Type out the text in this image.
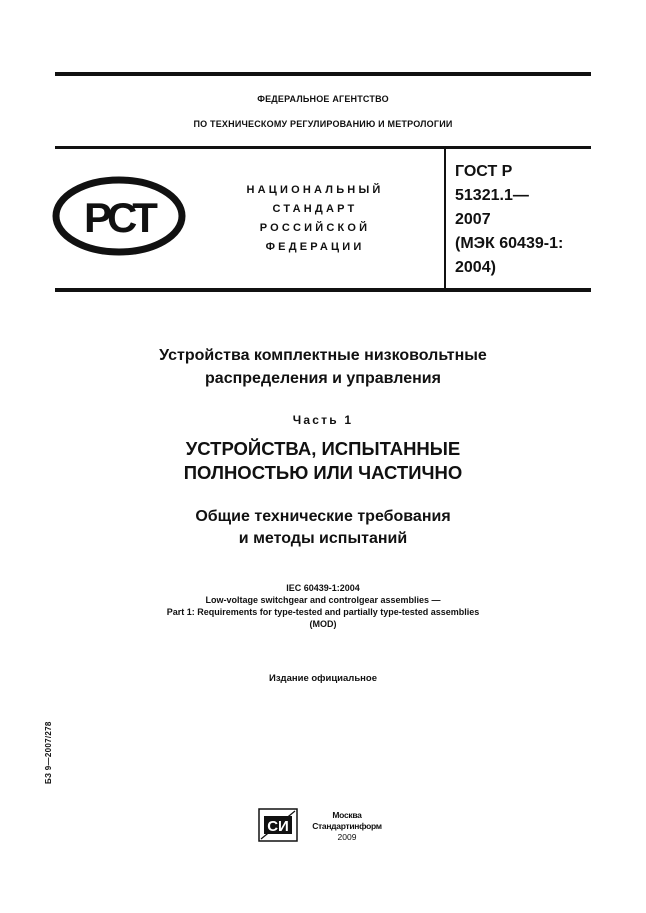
ФЕДЕРАЛЬНОЕ АГЕНТСТВО
ПО ТЕХНИЧЕСКОМУ РЕГУЛИРОВАНИЮ И МЕТРОЛОГИИ
РСТ
НАЦИОНАЛЬНЫЙ
СТАНДАРТ
РОССИЙСКОЙ
ФЕДЕРАЦИИ
ГОСТ Р
51321.1—
2007
(МЭК 60439-1:
2004)
Устройства комплектные низковольтные
распределения и управления
Часть 1
УСТРОЙСТВА, ИСПЫТАННЫЕ
ПОЛНОСТЬЮ ИЛИ ЧАСТИЧНО
Общие технические требования
и методы испытаний
IEC 60439-1:2004
Low-voltage switchgear and controlgear assemblies —
Part 1: Requirements for type-tested and partially type-tested assemblies
(MOD)
Издание официальное
БЗ 9—2007/278
СИ
Москва
Стандартинформ
2009
